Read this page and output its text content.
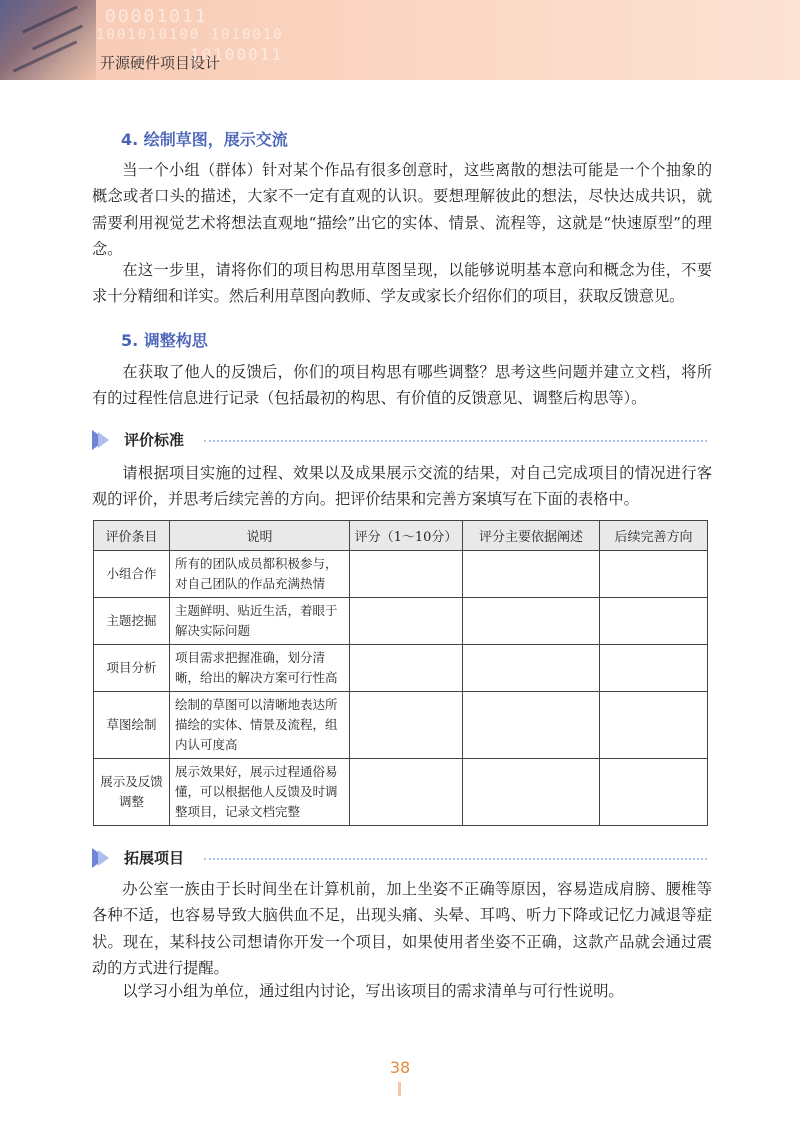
00001011
1001010100 1010010
10100011
开源硬件项目设计
4. 绘制草图，展示交流
当一个小组（群体）针对某个作品有很多创意时，这些离散的想法可能是一个个抽象的概念或者口头的描述，大家不一定有直观的认识。要想理解彼此的想法，尽快达成共识，就需要利用视觉艺术将想法直观地“描绘”出它的实体、情景、流程等，这就是“快速原型”的理念。
在这一步里，请将你们的项目构思用草图呈现，以能够说明基本意向和概念为佳，不要求十分精细和详实。然后利用草图向教师、学友或家长介绍你们的项目，获取反馈意见。
5. 调整构思
在获取了他人的反馈后，你们的项目构思有哪些调整？思考这些问题并建立文档，将所有的过程性信息进行记录（包括最初的构思、有价值的反馈意见、调整后构思等）。
评价标准
请根据项目实施的过程、效果以及成果展示交流的结果，对自己完成项目的情况进行客观的评价，并思考后续完善的方向。把评价结果和完善方案填写在下面的表格中。
评价条目	说明	评分（1～10分）	评分主要依据阐述	后续完善方向
小组合作	所有的团队成员都积极参与，对自己团队的作品充满热情			
主题挖掘	主题鲜明、贴近生活，着眼于解决实际问题			
项目分析	项目需求把握准确，划分清晰，给出的解决方案可行性高			
草图绘制	绘制的草图可以清晰地表达所描绘的实体、情景及流程，组内认可度高			
展示及反馈调整	展示效果好，展示过程通俗易懂，可以根据他人反馈及时调整项目，记录文档完整			
拓展项目
办公室一族由于长时间坐在计算机前，加上坐姿不正确等原因，容易造成肩膀、腰椎等各种不适，也容易导致大脑供血不足，出现头痛、头晕、耳鸣、听力下降或记忆力减退等症状。现在，某科技公司想请你开发一个项目，如果使用者坐姿不正确，这款产品就会通过震动的方式进行提醒。
以学习小组为单位，通过组内讨论，写出该项目的需求清单与可行性说明。
38
